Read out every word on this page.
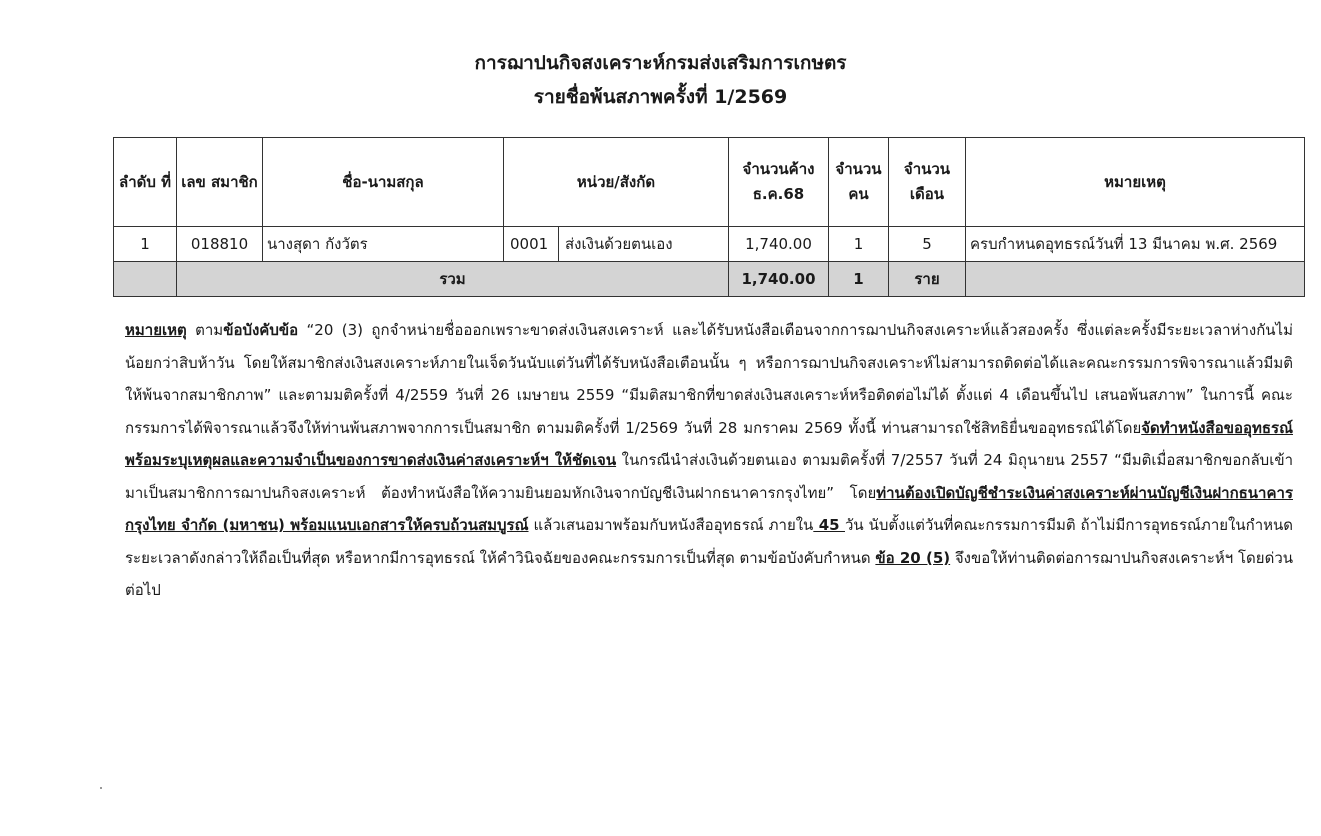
การฌาปนกิจสงเคราะห์กรมส่งเสริมการเกษตร
รายชื่อพ้นสภาพครั้งที่ 1/2569
ลำดับ ที่	เลข สมาชิก	ชื่อ-นามสกุล	หน่วย/สังกัด	จำนวนค้าง ธ.ค.68	จำนวน คน	จำนวน เดือน	หมายเหตุ
1	018810	นางสุดา กังวัตร	0001 ส่งเงินด้วยตนเอง	1,740.00	1	5	ครบกำหนดอุทธรณ์วันที่ 13 มีนาคม พ.ศ. 2569
	รวม			1,740.00	1	ราย	
หมายเหตุ ตามข้อบังคับข้อ “20 (3) ถูกจำหน่ายชื่อออกเพราะขาดส่งเงินสงเคราะห์ และได้รับหนังสือเตือนจากการฌาปนกิจสงเคราะห์แล้วสองครั้ง ซึ่งแต่ละครั้งมีระยะเวลาห่างกันไม่น้อยกว่าสิบห้าวัน โดยให้สมาชิกส่งเงินสงเคราะห์ภายในเจ็ดวันนับแต่วันที่ได้รับหนังสือเตือนนั้น ๆ หรือการฌาปนกิจสงเคราะห์ไม่สามารถติดต่อได้และคณะกรรมการพิจารณาแล้วมีมติให้พ้นจากสมาชิกภาพ” และตามมติครั้งที่ 4/2559 วันที่ 26 เมษายน 2559 “มีมติสมาชิกที่ขาดส่งเงินสงเคราะห์หรือติดต่อไม่ได้ ตั้งแต่ 4 เดือนขึ้นไป เสนอพ้นสภาพ” ในการนี้ คณะกรรมการได้พิจารณาแล้วจึงให้ท่านพ้นสภาพจากการเป็นสมาชิก ตามมติครั้งที่ 1/2569 วันที่ 28 มกราคม 2569 ทั้งนี้ ท่านสามารถใช้สิทธิยื่นขออุทธรณ์ได้โดยจัดทำหนังสือขออุทธรณ์ พร้อมระบุเหตุผลและความจำเป็นของการขาดส่งเงินค่าสงเคราะห์ฯ ให้ชัดเจน ในกรณีนำส่งเงินด้วยตนเอง ตามมติครั้งที่ 7/2557 วันที่ 24 มิถุนายน 2557 “มีมติเมื่อสมาชิกขอกลับเข้ามาเป็นสมาชิกการฌาปนกิจสงเคราะห์ ต้องทำหนังสือให้ความยินยอมหักเงินจากบัญชีเงินฝากธนาคารกรุงไทย” โดยท่านต้องเปิดบัญชีชำระเงินค่าสงเคราะห์ผ่านบัญชีเงินฝากธนาคารกรุงไทย จำกัด (มหาชน) พร้อมแนบเอกสารให้ครบถ้วนสมบูรณ์ แล้วเสนอมาพร้อมกับหนังสืออุทธรณ์ ภายใน 45 วัน นับตั้งแต่วันที่คณะกรรมการมีมติ ถ้าไม่มีการอุทธรณ์ภายในกำหนดระยะเวลาดังกล่าวให้ถือเป็นที่สุด หรือหากมีการอุทธรณ์ ให้คำวินิจฉัยของคณะกรรมการเป็นที่สุด ตามข้อบังคับกำหนด ข้อ 20 (5) จึงขอให้ท่านติดต่อการฌาปนกิจสงเคราะห์ฯ โดยด่วนต่อไป
